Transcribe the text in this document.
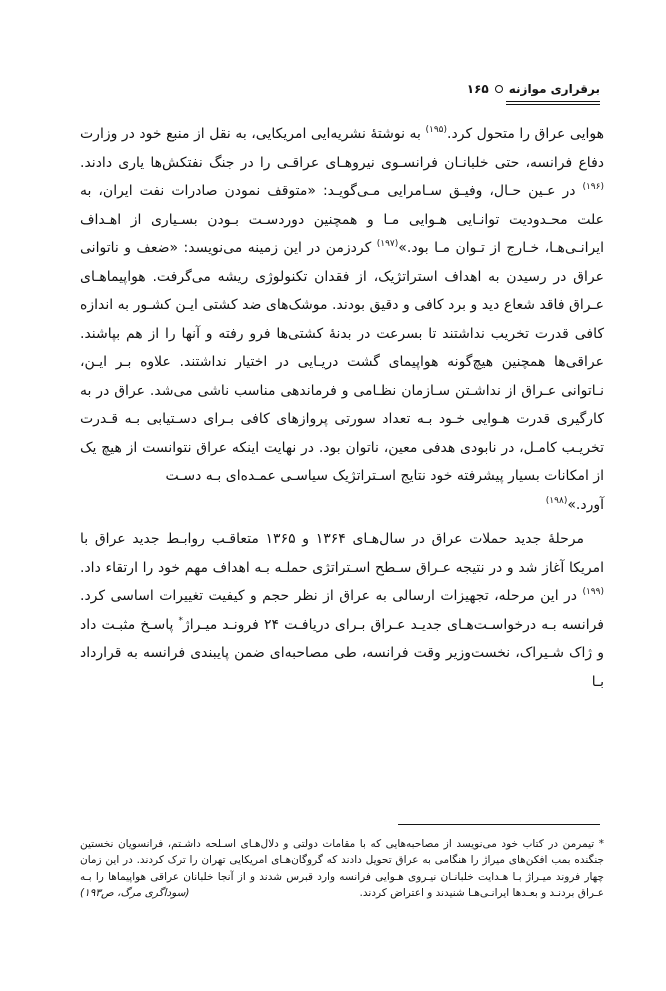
برقراری موازنه
۱۶۵

هوایی عراق را متحول کرد.$^{(۱۹۵)}$ به نوشتهٔ نشریه‌ایی امریکایی، به نقل از منبع خود در وزارت دفاع فرانسه، حتی خلبانـان فرانسـوی نیروهـای عراقـی را در جنگ نفتکش‌ها یاری دادند.$^{(۱۹۶)}$ در عـین حـال، وفیـق سـامرایی مـی‌گویـد: «متوقف نمودن صادرات نفت ایران، به علت محـدودیت توانـایی هـوایی مـا و همچنین دوردسـت بـودن بسـیاری از اهـداف ایرانـی‌هـا، خـارج از تـوان مـا بود.»$^{(۱۹۷)}$ کردزمن در این زمینه می‌نویسد: «ضعف و ناتوانی عراق در رسیدن به اهداف استراتژیک، از فقدان تکنولوژی ریشه می‌گرفت. هواپیماهـای عـراق فاقد شعاع دید و برد کافی و دقیق بودند. موشک‌های ضد کشتی ایـن کشـور به اندازه کافی قدرت تخریب نداشتند تا بسرعت در بدنهٔ کشتی‌ها فرو رفته و آنها را از هم بپاشند. عراقی‌ها همچنین هیچ‌گونه هواپیمای گشت دریـایی در اختیار نداشتند. علاوه بـر ایـن، نـاتوانی عـراق از نداشـتن سـازمان نظـامی و فرماندهی مناسب ناشی می‌شد. عراق در به کارگیری قدرت هـوایی خـود بـه تعداد سورتی پروازهای کافی بـرای دسـتیابی بـه قـدرت تخریـب کامـل، در نابودی هدفی معین، ناتوان بود. در نهایت اینکه عراق نتوانست از هیچ یک از امکانات بسیار پیشرفته خود نتایج اسـتراتژیک سیاسـی عمـده‌ای بـه دسـت

آورد.»$^{(۱۹۸)}$

مرحلهٔ جدید حملات عراق در سال‌هـای ۱۳۶۴ و ۱۳۶۵ متعاقـب روابـط جدید عراق با امریکا آغاز شد و در نتیجه عـراق سـطح اسـتراتژی حملـه بـه اهداف مهم خود را ارتقاء داد.$^{(۱۹۹)}$ در این مرحله، تجهیزات ارسالی به عراق از نظر حجم و کیفیت تغییرات اساسی کرد. فرانسه بـه درخواسـت‌هـای جدیـد عـراق بـرای دریافـت ۲۴ فرونـد میـراژ* پاسـخ مثبـت داد و ژاک شـیراک، نخست‌وزیر وقت فرانسه، طی مصاحبه‌ای ضمن پایبندی فرانسه به قرارداد بـا

* تیمرمن در کتاب خود می‌نویسد از مصاحبه‌هایی که با مقامات دولتی و دلال‌هـای اسـلحه داشـتم، فرانسویان نخستین جنگنده بمب افکن‌های میراژ را هنگامی به عراق تحویل دادند که گروگان‌هـای امریکایی تهران را ترک کردند. در این زمان چهار فروند میـراژ بـا هـدایت خلبانـان نیـروی هـوایی فرانسه وارد قبرس شدند و از آنجا خلبانان عراقی هواپیماها را بـه عـراق بردنـد و بعـدها ایرانـی‌هـا شنیدند و اعتراض کردند.
(سوداگری مرگ، ص۱۹۳)
